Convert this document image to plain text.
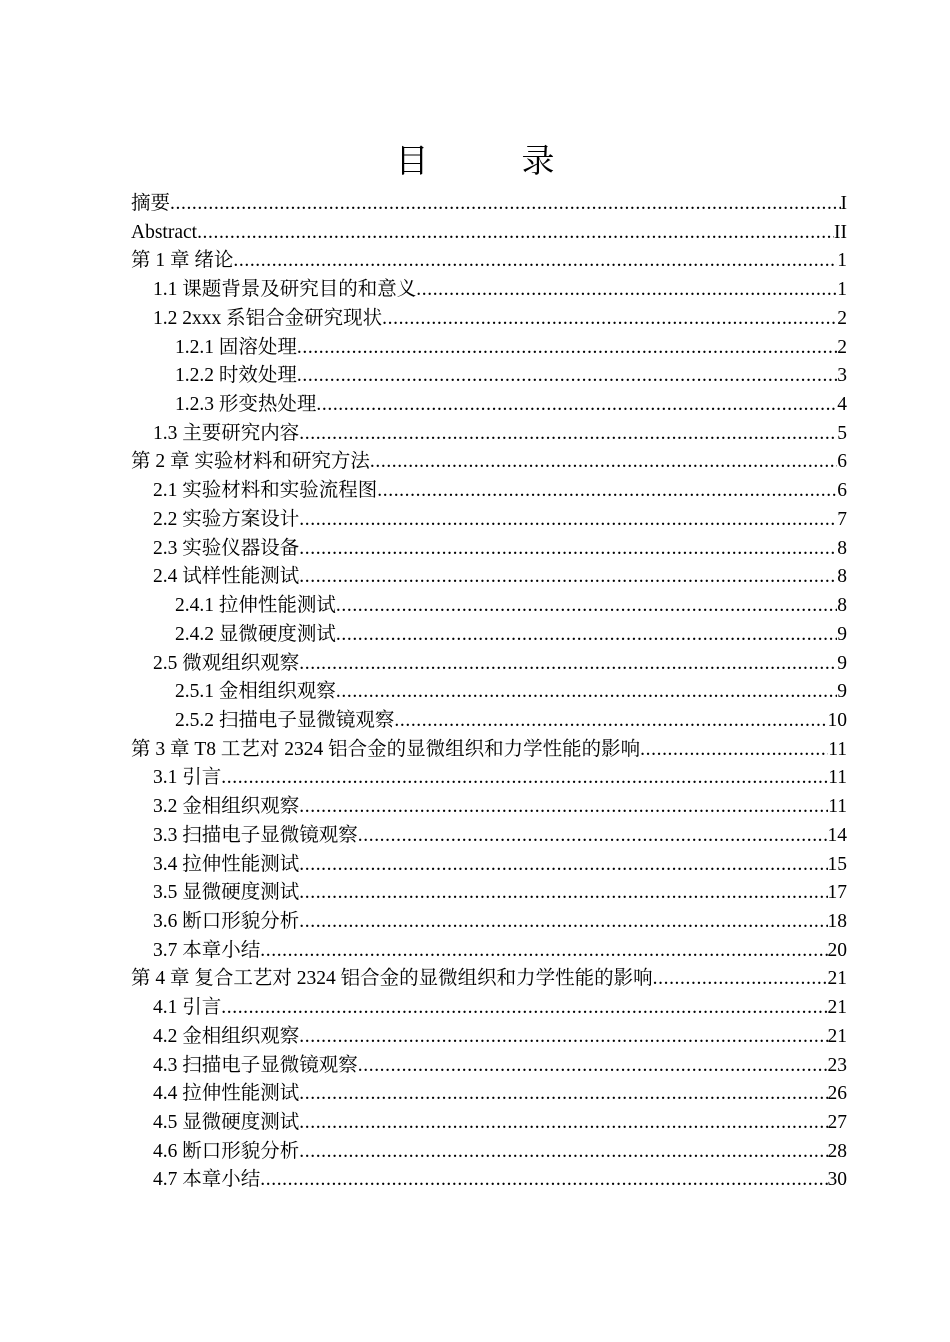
目　录
摘要 .....	I
Abstract .....	II
第 1 章 绪论 .....	1
1.1 课题背景及研究目的和意义 .....	1
1.2 2xxx 系铝合金研究现状 .....	2
1.2.1 固溶处理 .....	2
1.2.2 时效处理 .....	3
1.2.3 形变热处理 .....	4
1.3 主要研究内容 .....	5
第 2 章 实验材料和研究方法 .....	6
2.1 实验材料和实验流程图 .....	6
2.2 实验方案设计 .....	7
2.3 实验仪器设备 .....	8
2.4 试样性能测试 .....	8
2.4.1 拉伸性能测试 .....	8
2.4.2 显微硬度测试 .....	9
2.5 微观组织观察 .....	9
2.5.1 金相组织观察 .....	9
2.5.2 扫描电子显微镜观察 .....	10
第 3 章 T8 工艺对 2324 铝合金的显微组织和力学性能的影响 .....	11
3.1 引言 .....	11
3.2 金相组织观察 .....	11
3.3 扫描电子显微镜观察 .....	14
3.4 拉伸性能测试 .....	15
3.5 显微硬度测试 .....	17
3.6 断口形貌分析 .....	18
3.7 本章小结 .....	20
第 4 章 复合工艺对 2324 铝合金的显微组织和力学性能的影响 .....	21
4.1 引言 .....	21
4.2 金相组织观察 .....	21
4.3 扫描电子显微镜观察 .....	23
4.4 拉伸性能测试 .....	26
4.5 显微硬度测试 .....	27
4.6 断口形貌分析 .....	28
4.7 本章小结 .....	30
